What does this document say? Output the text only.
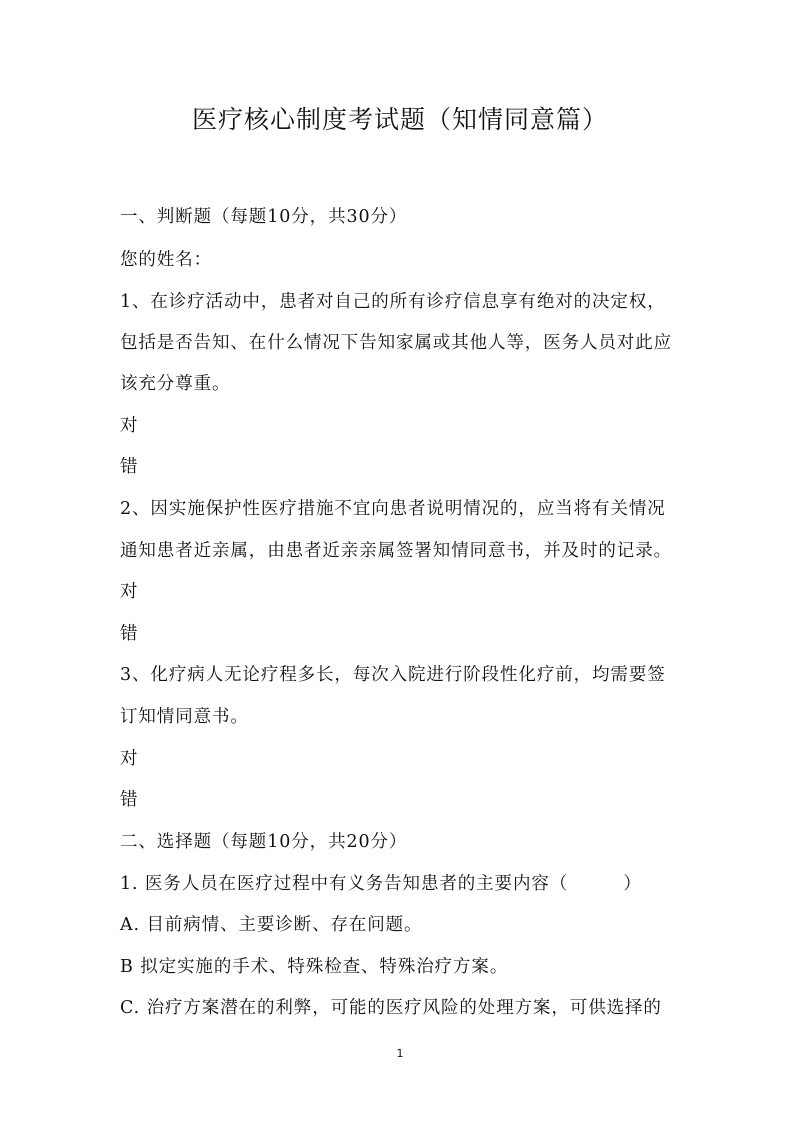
医疗核心制度考试题（知情同意篇）
一、判断题（每题10分，共30分）
您的姓名：
1、在诊疗活动中，患者对自己的所有诊疗信息享有绝对的决定权，
包括是否告知、在什么情况下告知家属或其他人等，医务人员对此应
该充分尊重。
对
错
2、因实施保护性医疗措施不宜向患者说明情况的，应当将有关情况
通知患者近亲属，由患者近亲亲属签署知情同意书，并及时的记录。
对
错
3、化疗病人无论疗程多长，每次入院进行阶段性化疗前，均需要签
订知情同意书。
对
错
二、选择题（每题10分，共20分）
1. 医务人员在医疗过程中有义务告知患者的主要内容（　　　）
A. 目前病情、主要诊断、存在问题。
B 拟定实施的手术、特殊检查、特殊治疗方案。
C. 治疗方案潜在的利弊，可能的医疗风险的处理方案，可供选择的
1
